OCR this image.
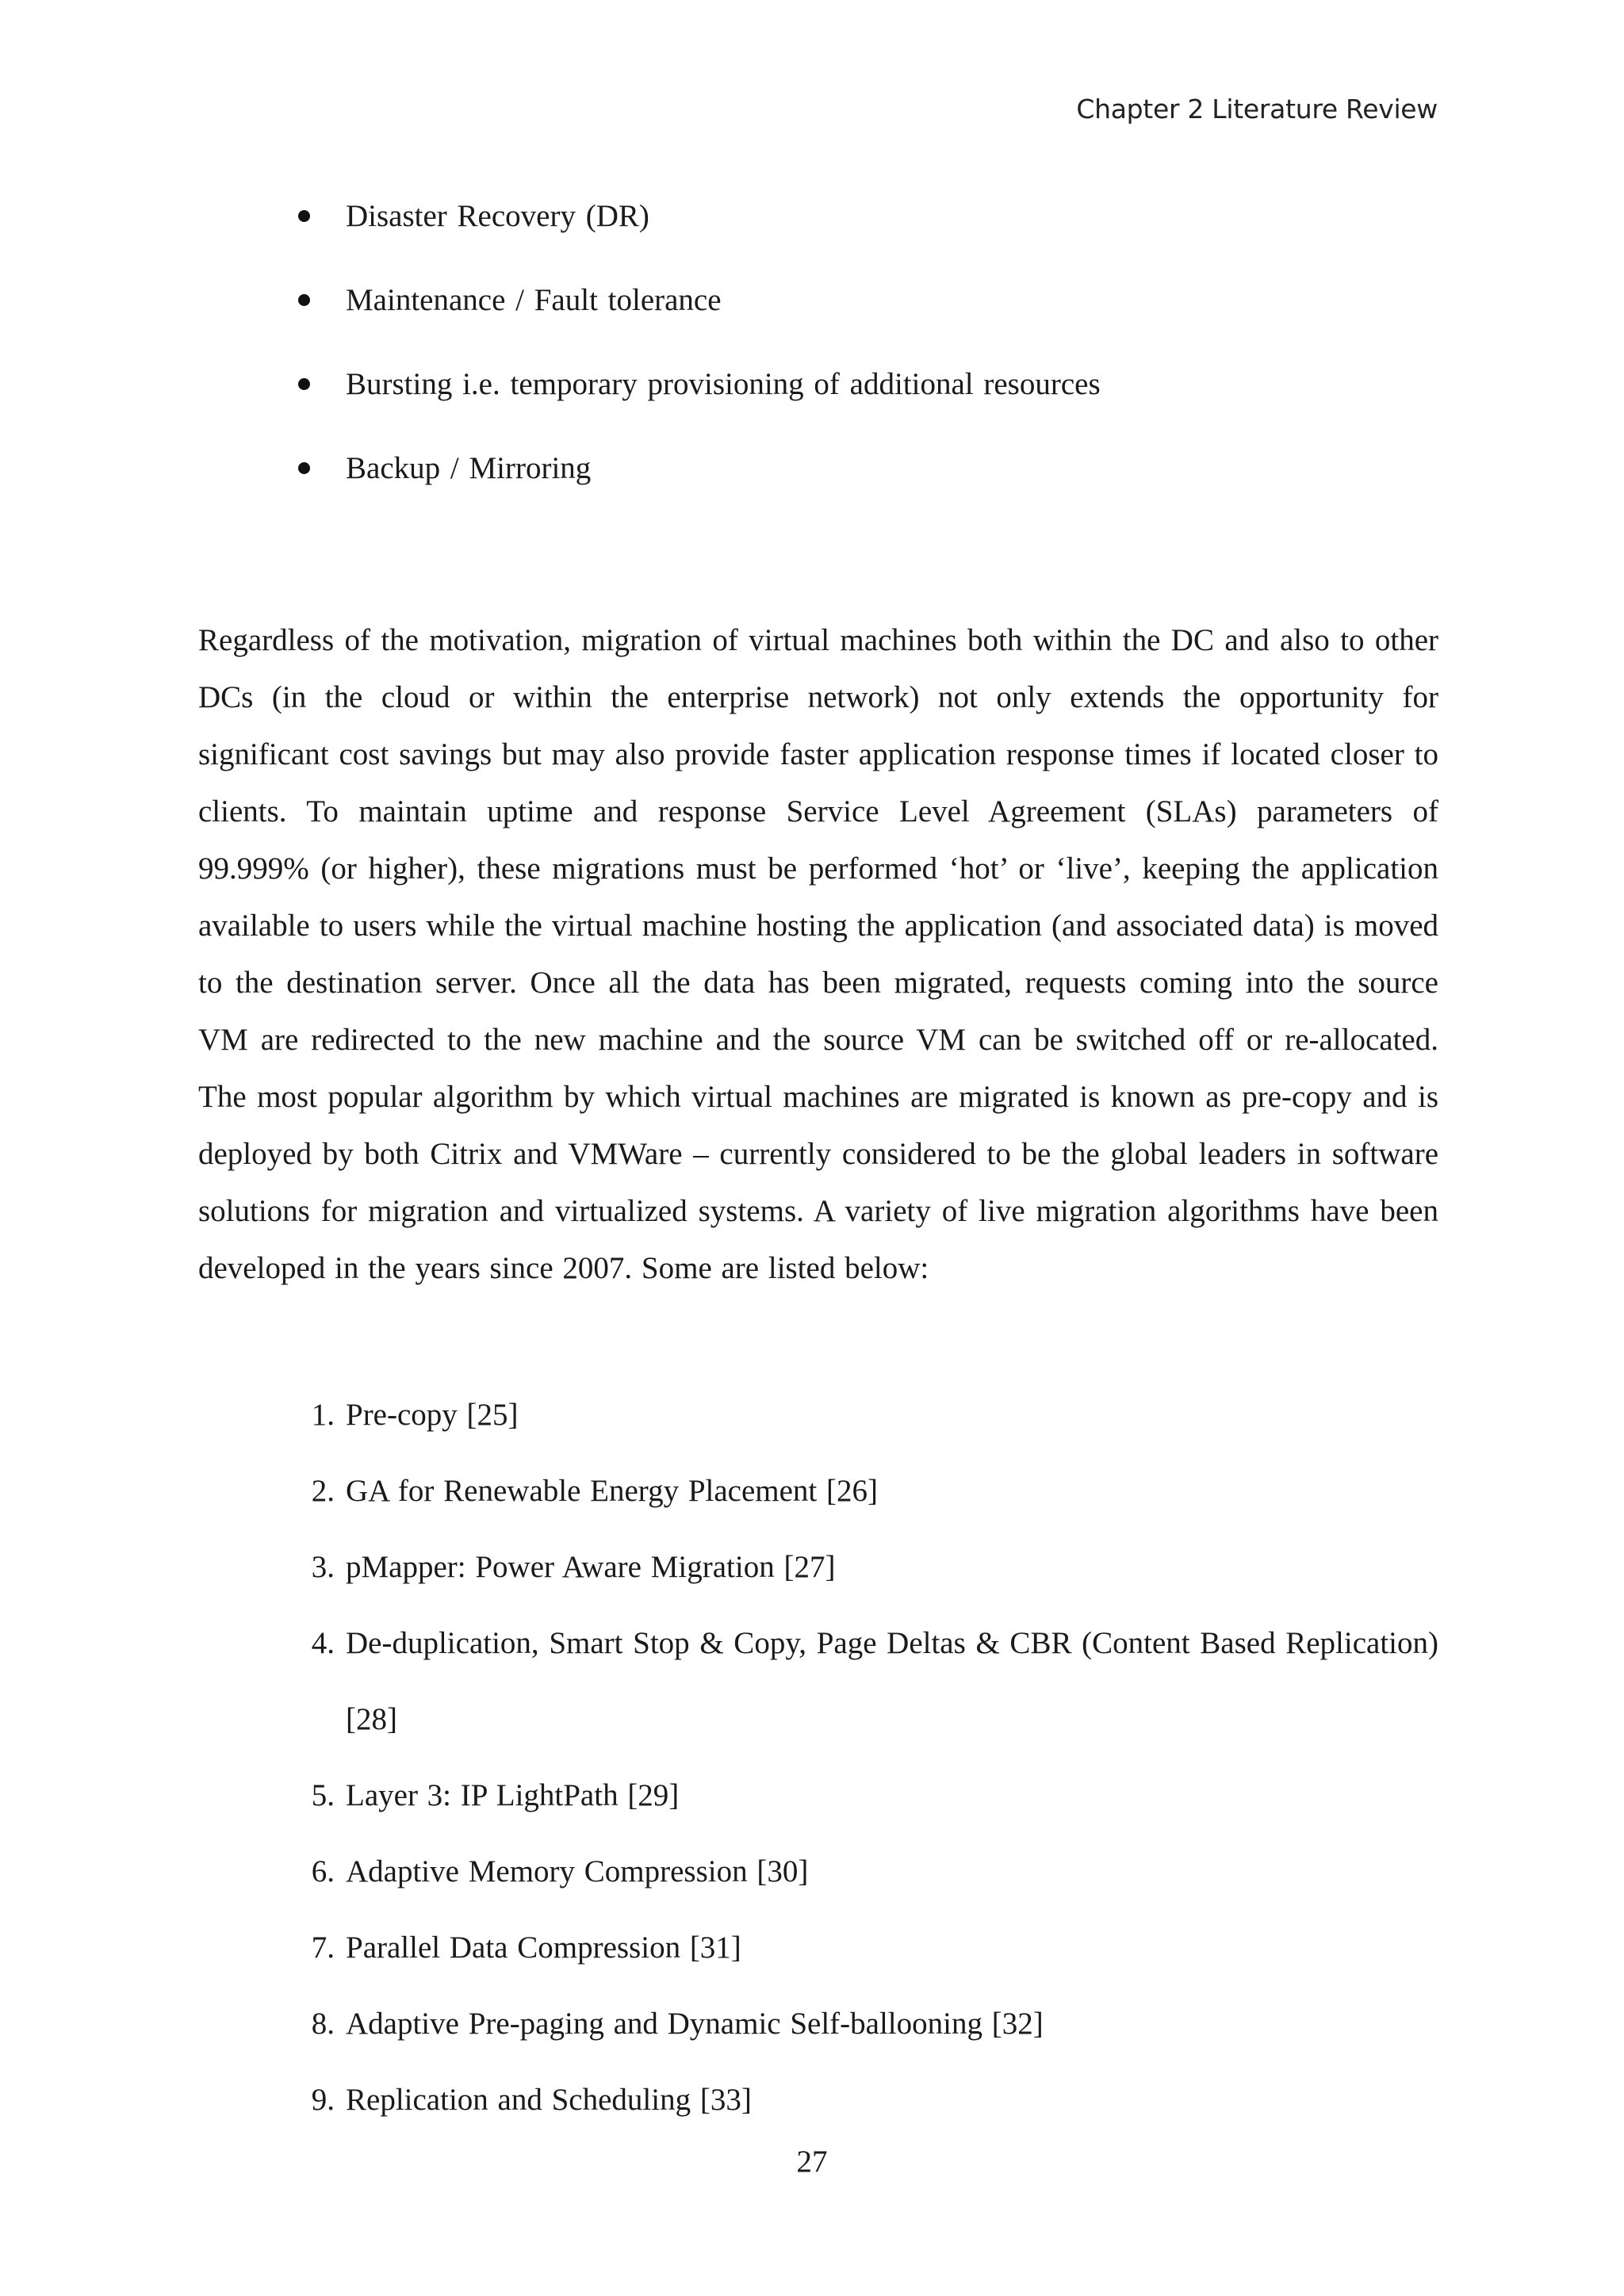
Chapter 2 Literature Review
Disaster Recovery (DR)
Maintenance / Fault tolerance
Bursting i.e. temporary provisioning of additional resources
Backup / Mirroring

Regardless of the motivation, migration of virtual machines both within the DC and also to other DCs (in the cloud or within the enterprise network) not only extends the opportunity for significant cost savings but may also provide faster application response times if located closer to clients. To maintain uptime and response Service Level Agreement (SLAs) parameters of 99.999% (or higher), these migrations must be performed ‘hot’ or ‘live’, keeping the application available to users while the virtual machine hosting the application (and associated data) is moved to the destination server. Once all the data has been migrated, requests coming into the source VM are redirected to the new machine and the source VM can be switched off or re-allocated. The most popular algorithm by which virtual machines are migrated is known as pre-copy and is deployed by both Citrix and VMWare – currently considered to be the global leaders in software solutions for migration and virtualized systems. A variety of live migration algorithms have been developed in the years since 2007. Some are listed below:

1. Pre-copy [25]
2. GA for Renewable Energy Placement [26]
3. pMapper: Power Aware Migration [27]
4. De-duplication, Smart Stop & Copy, Page Deltas & CBR (Content Based Replication) [28]
5. Layer 3: IP LightPath [29]
6. Adaptive Memory Compression [30]
7. Parallel Data Compression [31]
8. Adaptive Pre-paging and Dynamic Self-ballooning [32]
9. Replication and Scheduling [33]
27
